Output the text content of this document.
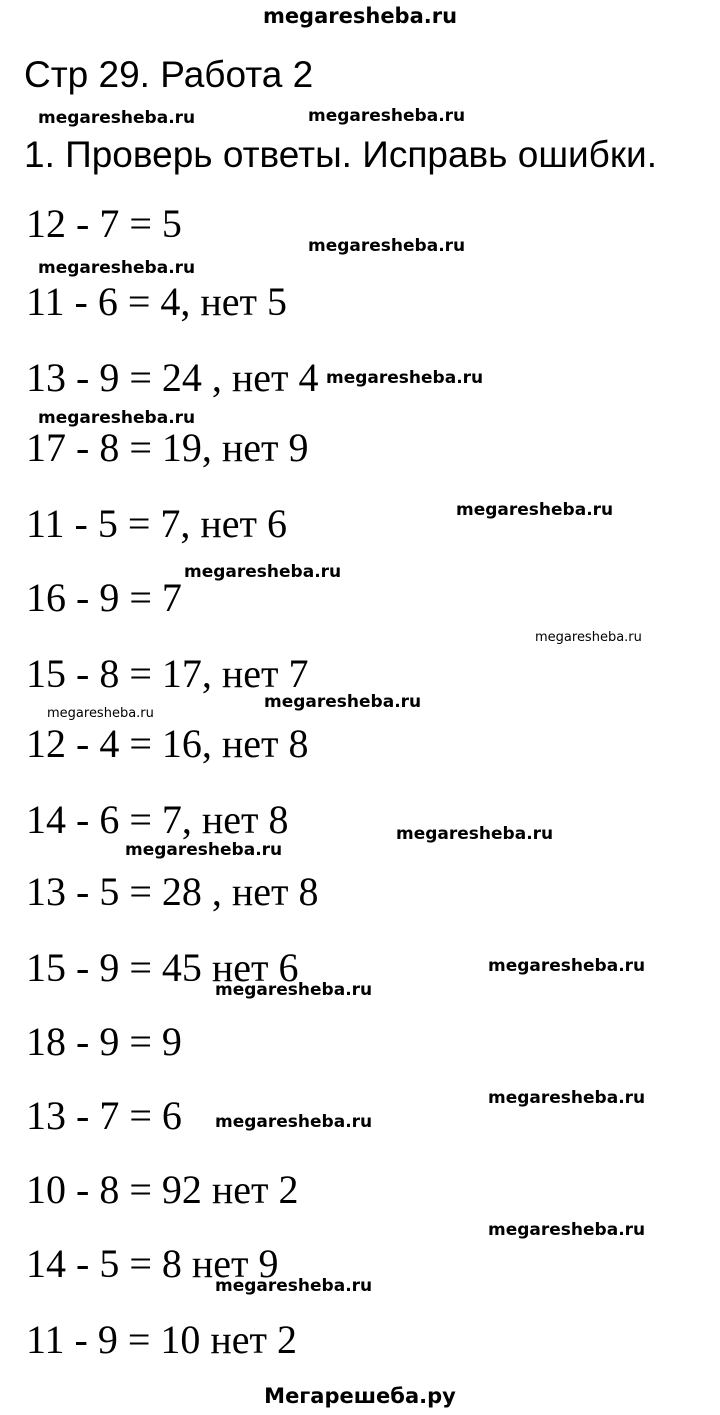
megaresheba.ru
Стр 29. Работа 2
1. Проверь ответы. Исправь ошибки.
12 - 7 = 5
11 - 6 = 4, нет 5
13 - 9 = 24 , нет 4
17 - 8 = 19, нет 9
11 - 5 = 7, нет 6
16 - 9 = 7
15 - 8 = 17, нет 7
12 - 4 = 16, нет 8
14 - 6 = 7, нет 8
13 - 5 = 28 , нет 8
15 - 9 = 45 нет 6
18 - 9 = 9
13 - 7 = 6
10 - 8 = 92 нет 2
14 - 5 = 8 нет 9
11 - 9 = 10 нет 2
megaresheba.ru	megaresheba.ru
megaresheba.ru
megaresheba.ru
megaresheba.ru
megaresheba.ru
megaresheba.ru
megaresheba.ru
megaresheba.ru
megaresheba.ru
megaresheba.ru
megaresheba.ru
megaresheba.ru
megaresheba.ru
megaresheba.ru
megaresheba.ru
megaresheba.ru
megaresheba.ru
megaresheba.ru
Мегарешеба.ру
